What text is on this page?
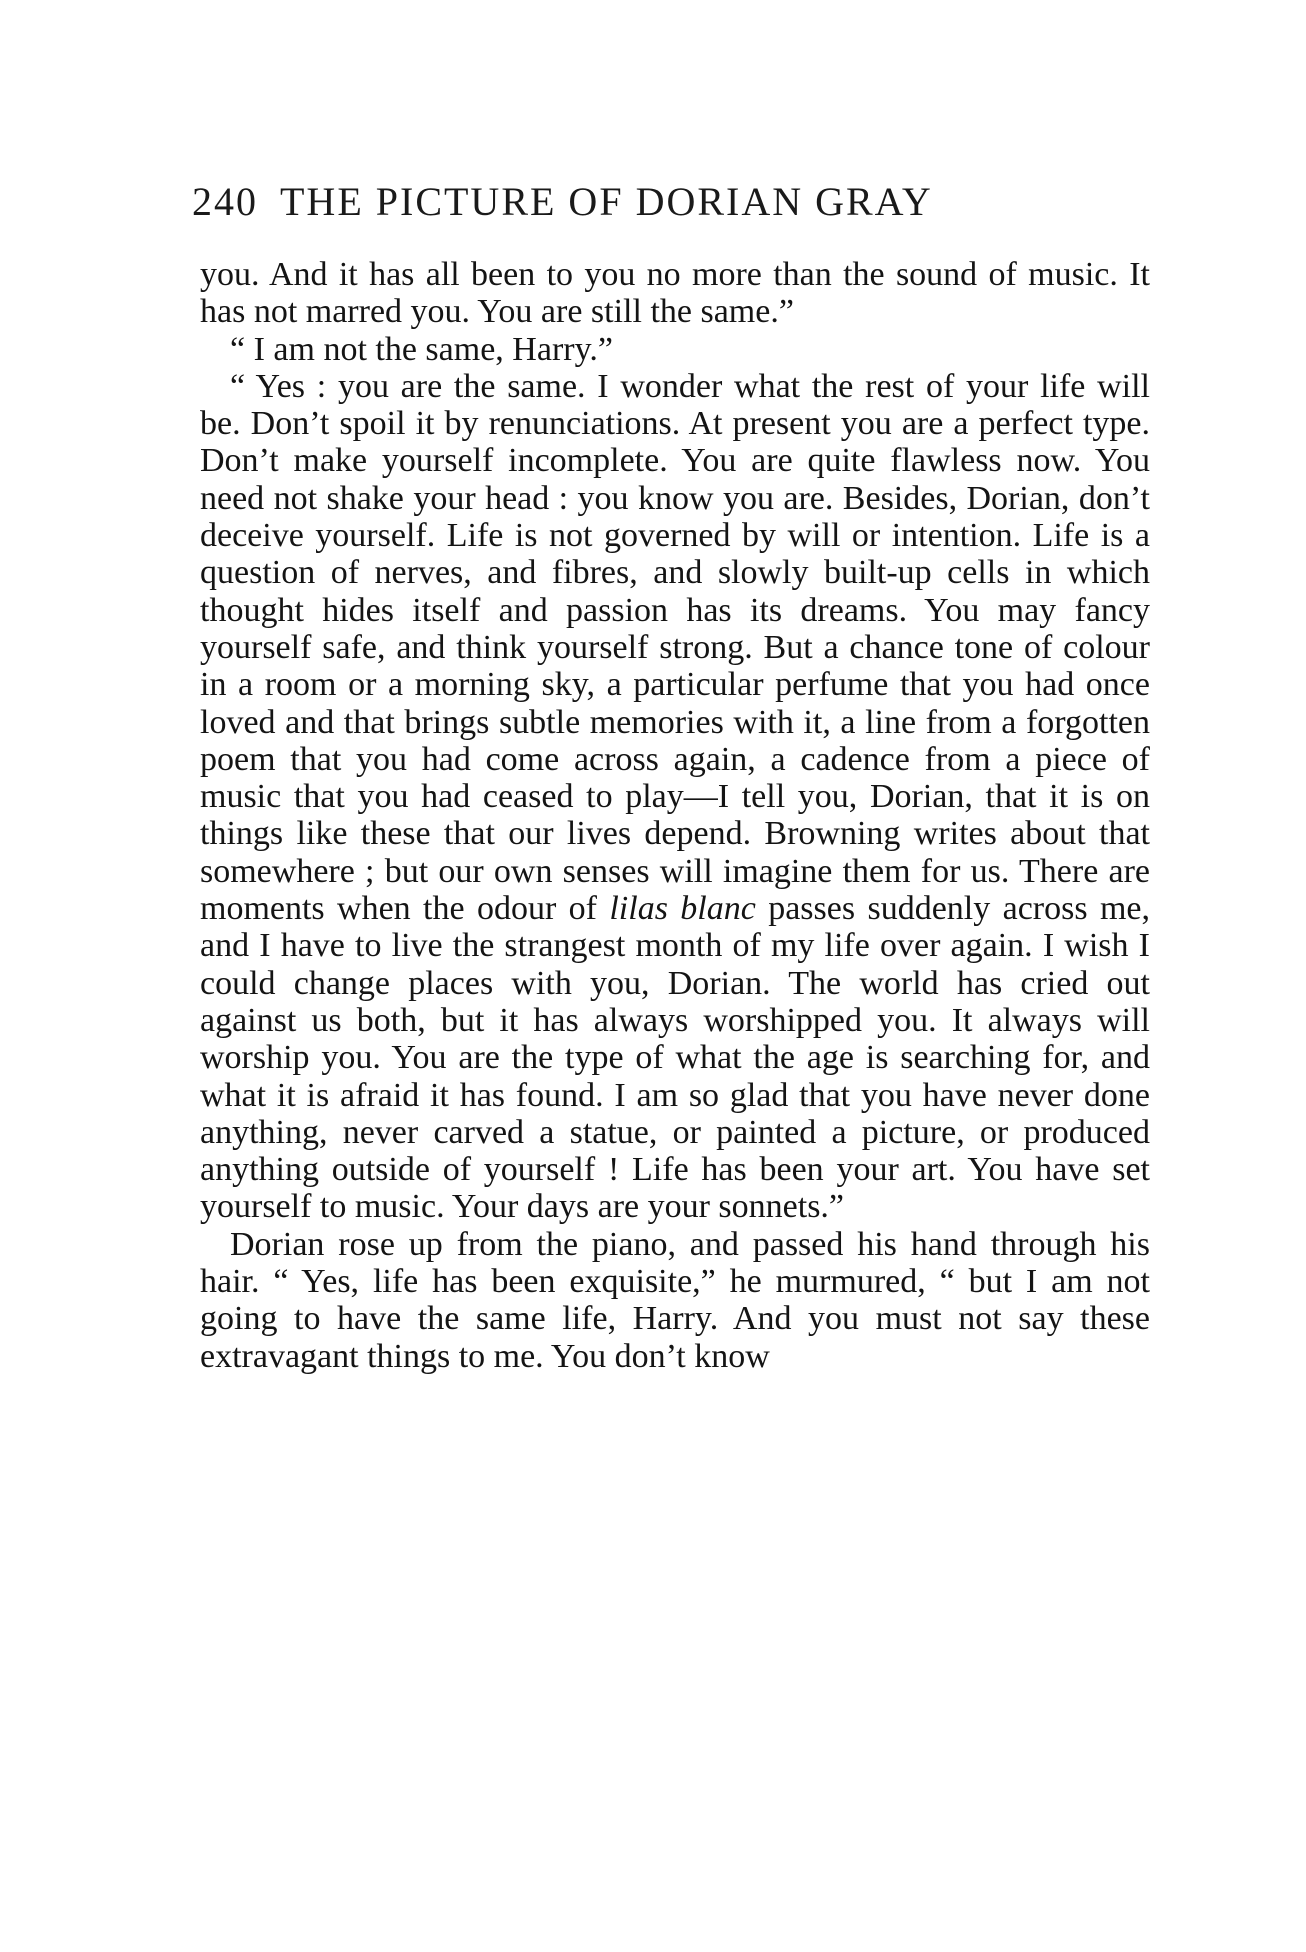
240 THE PICTURE OF DORIAN GRAY

you. And it has all been to you no more than the sound of music. It has not marred you. You are still the same.”

“ I am not the same, Harry.”

“ Yes : you are the same. I wonder what the rest of your life will be. Don’t spoil it by renunciations. At present you are a perfect type. Don’t make yourself incomplete. You are quite flawless now. You need not shake your head : you know you are. Besides, Dorian, don’t deceive yourself. Life is not governed by will or intention. Life is a question of nerves, and fibres, and slowly built-up cells in which thought hides itself and passion has its dreams. You may fancy yourself safe, and think yourself strong. But a chance tone of colour in a room or a morning sky, a particular perfume that you had once loved and that brings subtle memories with it, a line from a forgotten poem that you had come across again, a cadence from a piece of music that you had ceased to play—I tell you, Dorian, that it is on things like these that our lives depend. Browning writes about that somewhere ; but our own senses will imagine them for us. There are moments when the odour of lilas blanc passes suddenly across me, and I have to live the strangest month of my life over again. I wish I could change places with you, Dorian. The world has cried out against us both, but it has always worshipped you. It always will worship you. You are the type of what the age is searching for, and what it is afraid it has found. I am so glad that you have never done anything, never carved a statue, or painted a picture, or produced anything outside of yourself ! Life has been your art. You have set yourself to music. Your days are your sonnets.”

Dorian rose up from the piano, and passed his hand through his hair. “ Yes, life has been exquisite,” he murmured, “ but I am not going to have the same life, Harry. And you must not say these extravagant things to me. You don’t know
